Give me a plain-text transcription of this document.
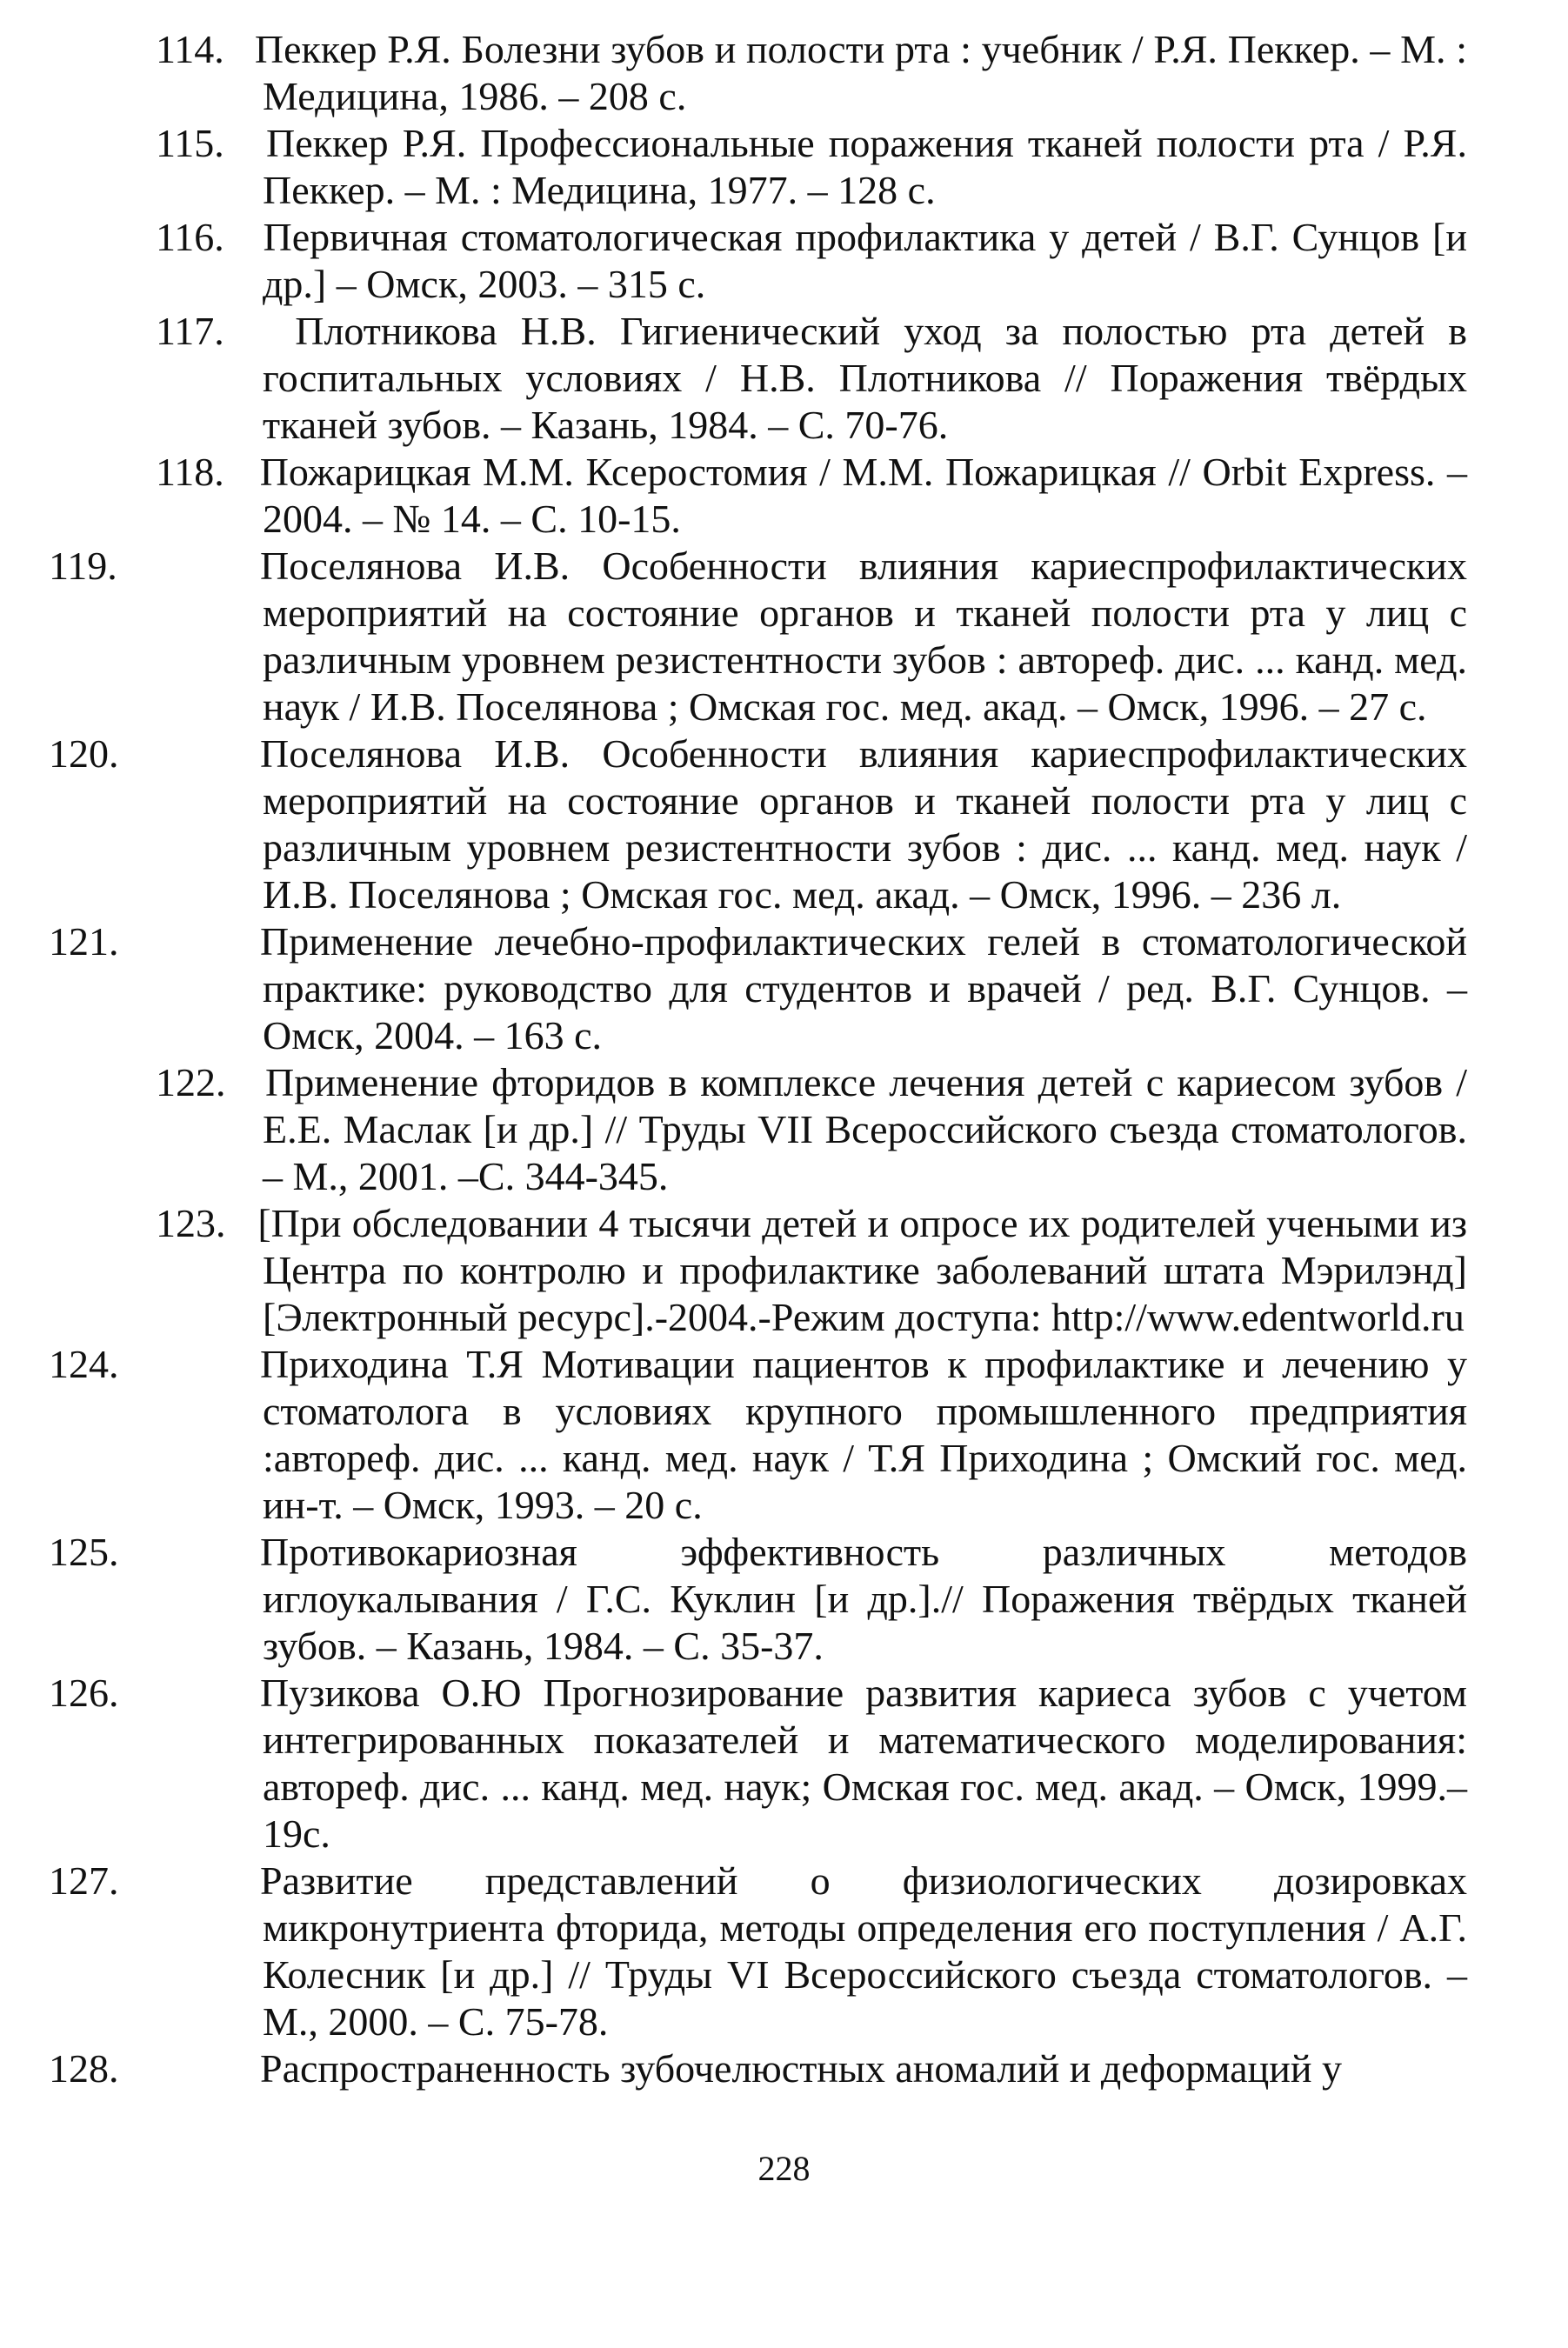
114. Пеккер Р.Я. Болезни зубов и полости рта : учебник / Р.Я. Пеккер. – М. : Медицина, 1986. – 208 с.
115. Пеккер Р.Я. Профессиональные поражения тканей полости рта / Р.Я. Пеккер. – М. : Медицина, 1977. – 128 с.
116. Первичная стоматологическая профилактика у детей / В.Г. Сунцов [и др.] – Омск, 2003. – 315 с.
117. Плотникова Н.В. Гигиенический уход за полостью рта детей в госпитальных условиях / Н.В. Плотникова // Поражения твёрдых тканей зубов. – Казань, 1984. – С. 70-76.
118. Пожарицкая М.М. Ксеростомия / М.М. Пожарицкая // Orbit Express. – 2004. – № 14. – С. 10-15.
119.	Поселянова И.В. Особенности влияния кариеспрофилактических мероприятий на состояние органов и тканей полости рта у лиц с различным уровнем резистентности зубов : автореф. дис. ... канд. мед. наук / И.В. Поселянова ; Омская гос. мед. акад. – Омск, 1996. – 27 с.
120.	Поселянова И.В. Особенности влияния кариеспрофилактических мероприятий на состояние органов и тканей полости рта у лиц с различным уровнем резистентности зубов : дис. ... канд. мед. наук / И.В. Поселянова ; Омская гос. мед. акад. – Омск, 1996. – 236 л.
121.	Применение лечебно-профилактических гелей в стоматологической практике: руководство для студентов и врачей / ред. В.Г. Сунцов. – Омск, 2004. – 163 с.
122. Применение фторидов в комплексе лечения детей с кариесом зубов / Е.Е. Маслак [и др.] // Труды VII Всероссийского съезда стоматологов. – М., 2001. –С. 344-345.
123. [При обследовании 4 тысячи детей и опросе их родителей учеными из Центра по контролю и профилактике заболеваний штата Мэрилэнд] [Электронный ресурс].-2004.-Режим доступа: http://www.edentworld.ru
124.	Приходина Т.Я Мотивации пациентов к профилактике и лечению у стоматолога в условиях крупного промышленного предприятия :автореф. дис. ... канд. мед. наук / Т.Я Приходина ; Омский гос. мед. ин-т. – Омск, 1993. – 20 с.
125.	Противокариозная эффективность различных методов иглоукалывания / Г.С. Куклин [и др.].// Поражения твёрдых тканей зубов. – Казань, 1984. – С. 35-37.
126.	Пузикова О.Ю Прогнозирование развития кариеса зубов с учетом интегрированных показателей и математического моделирования: автореф. дис. ... канд. мед. наук; Омская гос. мед. акад. – Омск, 1999.– 19с.
127.	Развитие представлений о физиологических дозировках микронутриента фторида, методы определения его поступления / А.Г. Колесник [и др.] // Труды VI Всероссийского съезда стоматологов. – М., 2000. – С. 75-78.
128.	Распространенность зубочелюстных аномалий и деформаций у
228
